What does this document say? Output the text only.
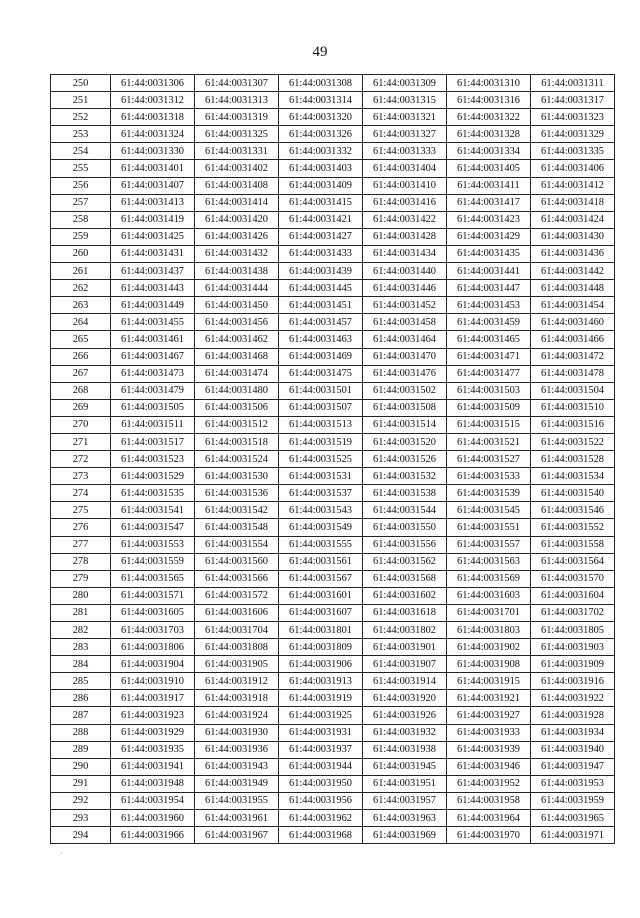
49
250	61:44:0031306	61:44:0031307	61:44:0031308	61:44:0031309	61:44:0031310	61:44:0031311
251	61:44:0031312	61:44:0031313	61:44:0031314	61:44:0031315	61:44:0031316	61:44:0031317
252	61:44:0031318	61:44:0031319	61:44:0031320	61:44:0031321	61:44:0031322	61:44:0031323
253	61:44:0031324	61:44:0031325	61:44:0031326	61:44:0031327	61:44:0031328	61:44:0031329
254	61:44:0031330	61:44:0031331	61:44:0031332	61:44:0031333	61:44:0031334	61:44:0031335
255	61:44:0031401	61:44:0031402	61:44:0031403	61:44:0031404	61:44:0031405	61:44:0031406
256	61:44:0031407	61:44:0031408	61:44:0031409	61:44:0031410	61:44:0031411	61:44:0031412
257	61:44:0031413	61:44:0031414	61:44:0031415	61:44:0031416	61:44:0031417	61:44:0031418
258	61:44:0031419	61:44:0031420	61:44:0031421	61:44:0031422	61:44:0031423	61:44:0031424
259	61:44:0031425	61:44:0031426	61:44:0031427	61:44:0031428	61:44:0031429	61:44:0031430
260	61:44:0031431	61:44:0031432	61:44:0031433	61:44:0031434	61:44:0031435	61:44:0031436
261	61:44:0031437	61:44:0031438	61:44:0031439	61:44:0031440	61:44:0031441	61:44:0031442
262	61:44:0031443	61:44:0031444	61:44:0031445	61:44:0031446	61:44:0031447	61:44:0031448
263	61:44:0031449	61:44:0031450	61:44:0031451	61:44:0031452	61:44:0031453	61:44:0031454
264	61:44:0031455	61:44:0031456	61:44:0031457	61:44:0031458	61:44:0031459	61:44:0031460
265	61:44:0031461	61:44:0031462	61:44:0031463	61:44:0031464	61:44:0031465	61:44:0031466
266	61:44:0031467	61:44:0031468	61:44:0031469	61:44:0031470	61:44:0031471	61:44:0031472
267	61:44:0031473	61:44:0031474	61:44:0031475	61:44:0031476	61:44:0031477	61:44:0031478
268	61:44:0031479	61:44:0031480	61:44:0031501	61:44:0031502	61:44:0031503	61:44:0031504
269	61:44:0031505	61:44:0031506	61:44:0031507	61:44:0031508	61:44:0031509	61:44:0031510
270	61:44:0031511	61:44:0031512	61:44:0031513	61:44:0031514	61:44:0031515	61:44:0031516
271	61:44:0031517	61:44:0031518	61:44:0031519	61:44:0031520	61:44:0031521	61:44:0031522
272	61:44:0031523	61:44:0031524	61:44:0031525	61:44:0031526	61:44:0031527	61:44:0031528
273	61:44:0031529	61:44:0031530	61:44:0031531	61:44:0031532	61:44:0031533	61:44:0031534
274	61:44:0031535	61:44:0031536	61:44:0031537	61:44:0031538	61:44:0031539	61:44:0031540
275	61:44:0031541	61:44:0031542	61:44:0031543	61:44:0031544	61:44:0031545	61:44:0031546
276	61:44:0031547	61:44:0031548	61:44:0031549	61:44:0031550	61:44:0031551	61:44:0031552
277	61:44:0031553	61:44:0031554	61:44:0031555	61:44:0031556	61:44:0031557	61:44:0031558
278	61:44:0031559	61:44:0031560	61:44:0031561	61:44:0031562	61:44:0031563	61:44:0031564
279	61:44:0031565	61:44:0031566	61:44:0031567	61:44:0031568	61:44:0031569	61:44:0031570
280	61:44:0031571	61:44:0031572	61:44:0031601	61:44:0031602	61:44:0031603	61:44:0031604
281	61:44:0031605	61:44:0031606	61:44:0031607	61:44:0031618	61:44:0031701	61:44:0031702
282	61:44:0031703	61:44:0031704	61:44:0031801	61:44:0031802	61:44:0031803	61:44:0031805
283	61:44:0031806	61:44:0031808	61:44:0031809	61:44:0031901	61:44:0031902	61:44:0031903
284	61:44:0031904	61:44:0031905	61:44:0031906	61:44:0031907	61:44:0031908	61:44:0031909
285	61:44:0031910	61:44:0031912	61:44:0031913	61:44:0031914	61:44:0031915	61:44:0031916
286	61:44:0031917	61:44:0031918	61:44:0031919	61:44:0031920	61:44:0031921	61:44:0031922
287	61:44:0031923	61:44:0031924	61:44:0031925	61:44:0031926	61:44:0031927	61:44:0031928
288	61:44:0031929	61:44:0031930	61:44:0031931	61:44:0031932	61:44:0031933	61:44:0031934
289	61:44:0031935	61:44:0031936	61:44:0031937	61:44:0031938	61:44:0031939	61:44:0031940
290	61:44:0031941	61:44:0031943	61:44:0031944	61:44:0031945	61:44:0031946	61:44:0031947
291	61:44:0031948	61:44:0031949	61:44:0031950	61:44:0031951	61:44:0031952	61:44:0031953
292	61:44:0031954	61:44:0031955	61:44:0031956	61:44:0031957	61:44:0031958	61:44:0031959
293	61:44:0031960	61:44:0031961	61:44:0031962	61:44:0031963	61:44:0031964	61:44:0031965
294	61:44:0031966	61:44:0031967	61:44:0031968	61:44:0031969	61:44:0031970	61:44:0031971
·
